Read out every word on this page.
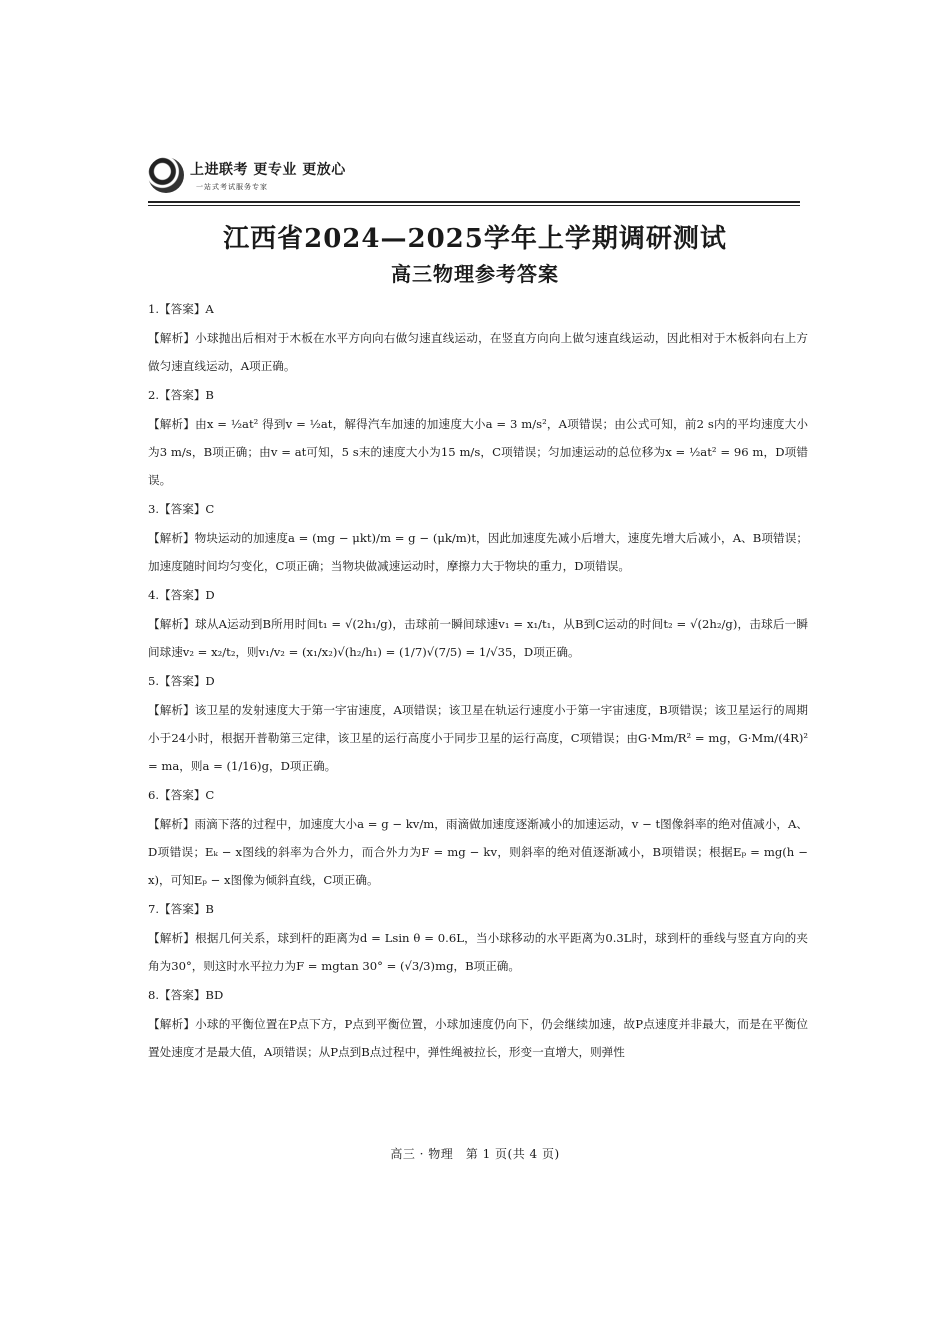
上进联考 更专业 更放心
一站式考试服务专家
江西省2024—2025学年上学期调研测试
高三物理参考答案

1.【答案】A

【解析】小球抛出后相对于木板在水平方向向右做匀速直线运动，在竖直方向向上做匀速直线运动，因此相对于木板斜向右上方做匀速直线运动，A项正确。

2.【答案】B

【解析】由x = ½at² 得到v = ½at，解得汽车加速的加速度大小a = 3 m/s²，A项错误；由公式可知，前2 s内的平均速度大小为3 m/s，B项正确；由v = at可知，5 s末的速度大小为15 m/s，C项错误；匀加速运动的总位移为x = ½at² = 96 m，D项错误。

3.【答案】C

【解析】物块运动的加速度a = (mg − μkt)/m = g − (μk/m)t，因此加速度先减小后增大，速度先增大后减小，A、B项错误；加速度随时间均匀变化，C项正确；当物块做减速运动时，摩擦力大于物块的重力，D项错误。

4.【答案】D

【解析】球从A运动到B所用时间t₁ = √(2h₁/g)，击球前一瞬间球速v₁ = x₁/t₁，从B到C运动的时间t₂ = √(2h₂/g)，击球后一瞬间球速v₂ = x₂/t₂，则v₁/v₂ = (x₁/x₂)√(h₂/h₁) = (1/7)√(7/5) = 1/√35，D项正确。

5.【答案】D

【解析】该卫星的发射速度大于第一宇宙速度，A项错误；该卫星在轨运行速度小于第一宇宙速度，B项错误；该卫星运行的周期小于24小时，根据开普勒第三定律，该卫星的运行高度小于同步卫星的运行高度，C项错误；由G·Mm/R² = mg，G·Mm/(4R)² = ma，则a = (1/16)g，D项正确。

6.【答案】C

【解析】雨滴下落的过程中，加速度大小a = g − kv/m，雨滴做加速度逐渐减小的加速运动，v − t图像斜率的绝对值减小，A、D项错误；Eₖ − x图线的斜率为合外力，而合外力为F = mg − kv，则斜率的绝对值逐渐减小，B项错误；根据Eₚ = mg(h − x)，可知Eₚ − x图像为倾斜直线，C项正确。

7.【答案】B

【解析】根据几何关系，球到杆的距离为d = Lsin θ = 0.6L，当小球移动的水平距离为0.3L时，球到杆的垂线与竖直方向的夹角为30°，则这时水平拉力为F = mgtan 30° = (√3/3)mg，B项正确。

8.【答案】BD

【解析】小球的平衡位置在P点下方，P点到平衡位置，小球加速度仍向下，仍会继续加速，故P点速度并非最大，而是在平衡位置处速度才是最大值，A项错误；从P点到B点过程中，弹性绳被拉长，形变一直增大，则弹性

高三 · 物理　第 1 页(共 4 页)
